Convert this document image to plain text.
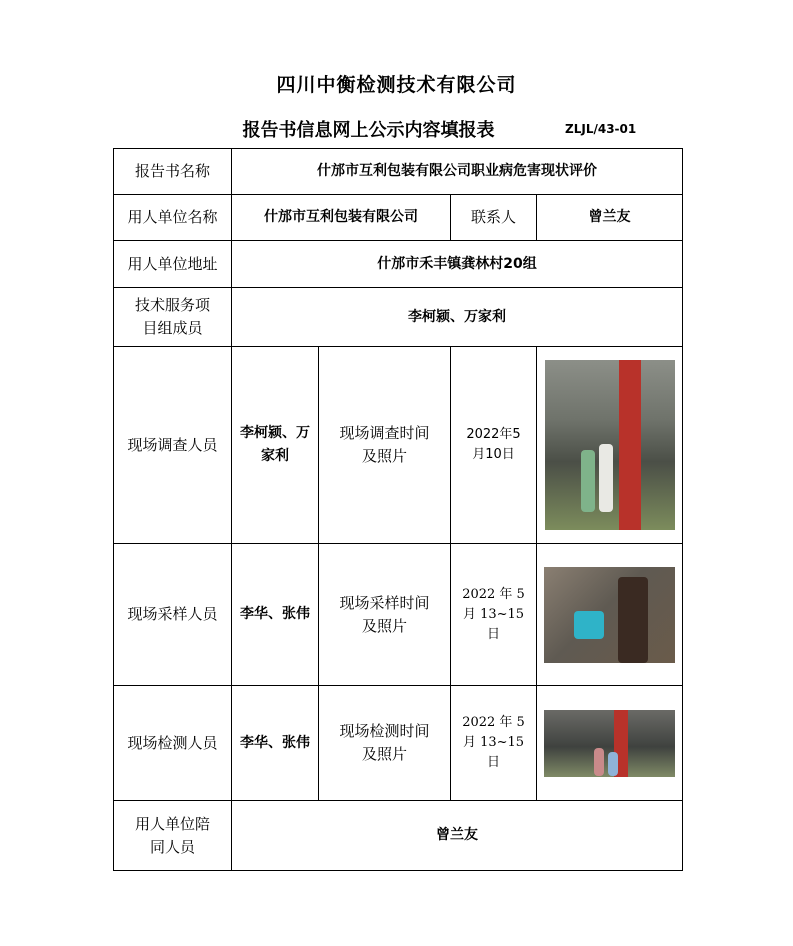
四川中衡检测技术有限公司
报告书信息网上公示内容填报表	ZLJL/43-01
报告书名称	什邡市互利包装有限公司职业病危害现状评价			
用人单位名称	什邡市互利包装有限公司		联系人	曾兰友
用人单位地址	什邡市禾丰镇龚林村20组			
技术服务项目组成员	李柯颍、万家利			
现场调查人员	李柯颍、万家利	现场调查时间及照片	2022年5月10日	

现场采样人员	李华、张伟	现场采样时间及照片	2022 年 5 月 13~15 日	

现场检测人员	李华、张伟	现场检测时间及照片	2022 年 5 月 13~15 日	

用人单位陪同人员	曾兰友			
